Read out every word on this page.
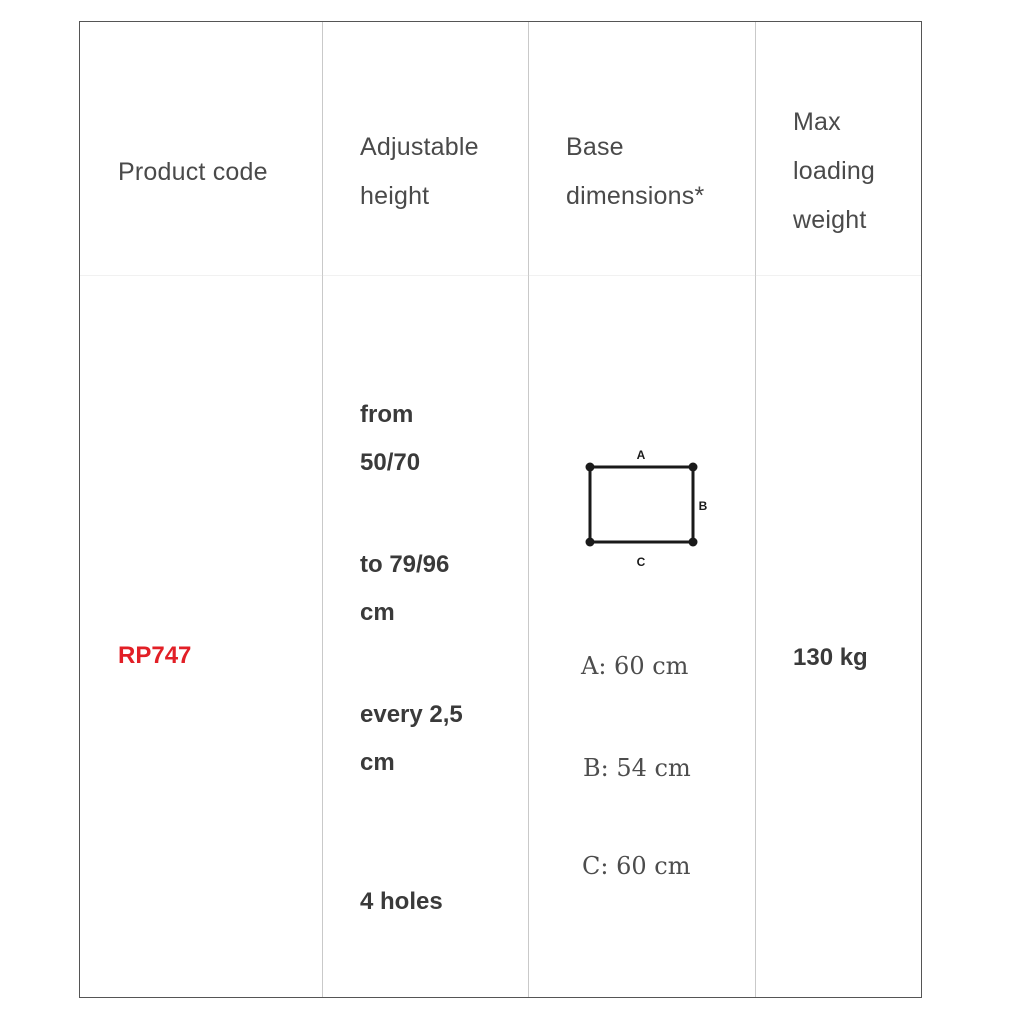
Product code
Adjustable
height
Base
dimensions*
Max
loading
weight
RP747
from
50/70
to 79/96
cm
every 2,5
cm
4 holes
A
B
C
A: 60 cm
B: 54 cm
C: 60 cm
130 kg
